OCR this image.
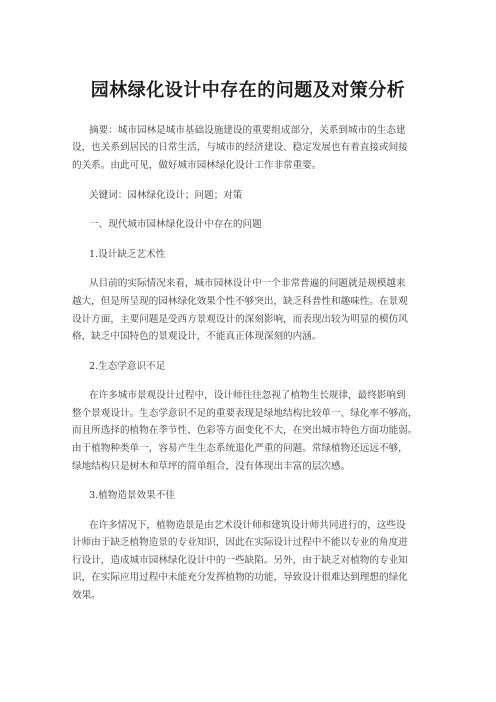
园林绿化设计中存在的问题及对策分析
摘要：城市园林是城市基础设施建设的重要组成部分，关系到城市的生态建
设，也关系到居民的日常生活，与城市的经济建设、稳定发展也有着直接或间接
的关系。由此可见，做好城市园林绿化设计工作非常重要。
关键词：园林绿化设计；问题；对策
一、现代城市园林绿化设计中存在的问题
1.设计缺乏艺术性
从目前的实际情况来看，城市园林设计中一个非常普遍的问题就是规模越来
越大，但是所呈现的园林绿化效果个性不够突出，缺乏科普性和趣味性。在景观
设计方面，主要问题是受西方景观设计的深刻影响，而表现出较为明显的模仿风
格，缺乏中国特色的景观设计，不能真正体现深刻的内涵。
2.生态学意识不足
在许多城市景观设计过程中，设计师往往忽视了植物生长规律，最终影响到
整个景观设计。生态学意识不足的重要表现是绿地结构比较单一、绿化率不够高，
而且所选择的植物在季节性、色彩等方面变化不大，在突出城市特色方面功能弱。
由于植物种类单一，容易产生生态系统退化严重的问题。常绿植物还远远不够，
绿地结构只是树木和草坪的简单组合，没有体现出丰富的层次感。
3.植物造景效果不佳
在许多情况下，植物造景是由艺术设计师和建筑设计师共同进行的，这些设
计师由于缺乏植物造景的专业知识，因此在实际设计过程中不能以专业的角度进
行设计，造成城市园林绿化设计中的一些缺陷。另外，由于缺乏对植物的专业知
识，在实际应用过程中未能充分发挥植物的功能，导致设计很难达到理想的绿化
效果。
